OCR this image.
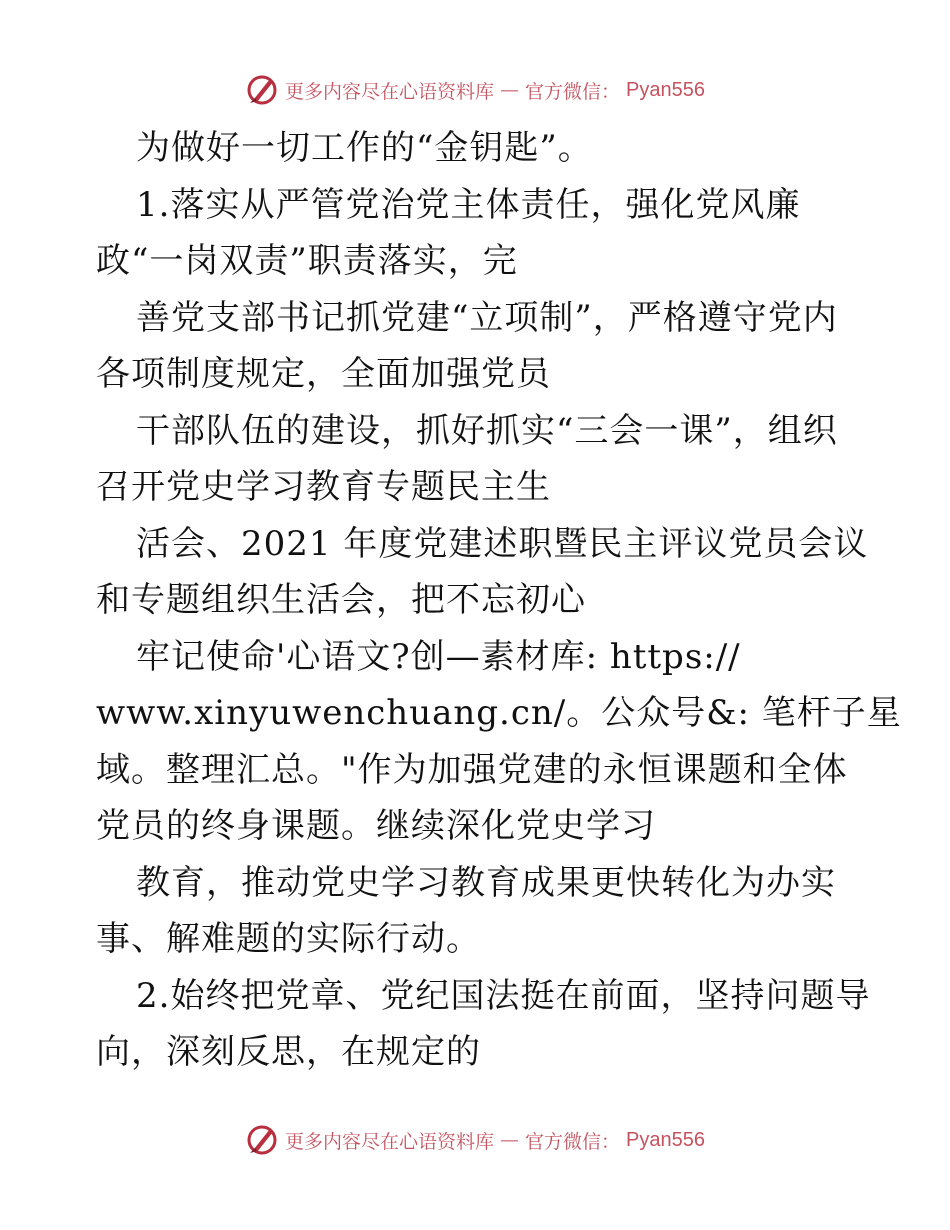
更多内容尽在心语资料库 — 官方微信： Pyan556
为做好一切工作的“金钥匙”。
1.落实从严管党治党主体责任，强化党风廉
政“一岗双责”职责落实，完
善党支部书记抓党建“立项制”，严格遵守党内
各项制度规定，全面加强党员
干部队伍的建设，抓好抓实“三会一课”，组织
召开党史学习教育专题民主生
活会、2021 年度党建述职暨民主评议党员会议
和专题组织生活会，把不忘初心
牢记使命'心语文?创—素材库: https://
www.xinyuwenchuang.cn/。公众号&: 笔杆子星
域。整理汇总。"作为加强党建的永恒课题和全体
党员的终身课题。继续深化党史学习
教育，推动党史学习教育成果更快转化为办实
事、解难题的实际行动。
2.始终把党章、党纪国法挺在前面，坚持问题导
向，深刻反思，在规定的
更多内容尽在心语资料库 — 官方微信： Pyan556
